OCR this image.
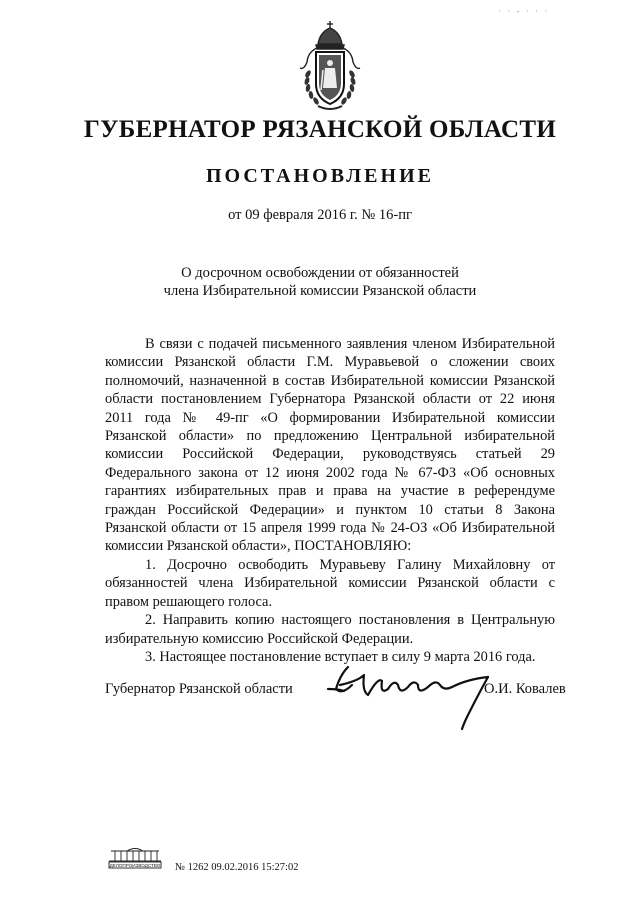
· · - · · ·
ГУБЕРНАТОР РЯЗАНСКОЙ ОБЛАСТИ
ПОСТАНОВЛЕНИЕ
от 09 февраля 2016 г. № 16-пг
О досрочном освобождении от обязанностей
члена Избирательной комиссии Рязанской области

В связи с подачей письменного заявления членом Избирательной комиссии Рязанской области Г.М. Муравьевой о сложении своих полномочий, назначенной в состав Избирательной комиссии Рязанской области постановлением Губернатора Рязанской области от 22 июня 2011 года № 49-пг «О формировании Избирательной комиссии Рязанской области» по предложению Центральной избирательной комиссии Российской Федерации, руководствуясь статьей 29 Федерального закона от 12 июня 2002 года № 67-ФЗ «Об основных гарантиях избирательных прав и права на участие в референдуме граждан Российской Федерации» и пунктом 10 статьи 8 Закона Рязанской области от 15 апреля 1999 года № 24-ОЗ «Об Избирательной комиссии Рязанской области», ПОСТАНОВЛЯЮ:

1. Досрочно освободить Муравьеву Галину Михайловну от обязанностей члена Избирательной комиссии Рязанской области с правом решающего голоса.

2. Направить копию настоящего постановления в Центральную избирательную комиссию Российской Федерации.

3. Настоящее постановление вступает в силу 9 марта 2016 года.

Губернатор Рязанской области	О.И. Ковалев
ДЕЛОПРОИЗВОДСТВО № 1262 09.02.2016 15:27:02
